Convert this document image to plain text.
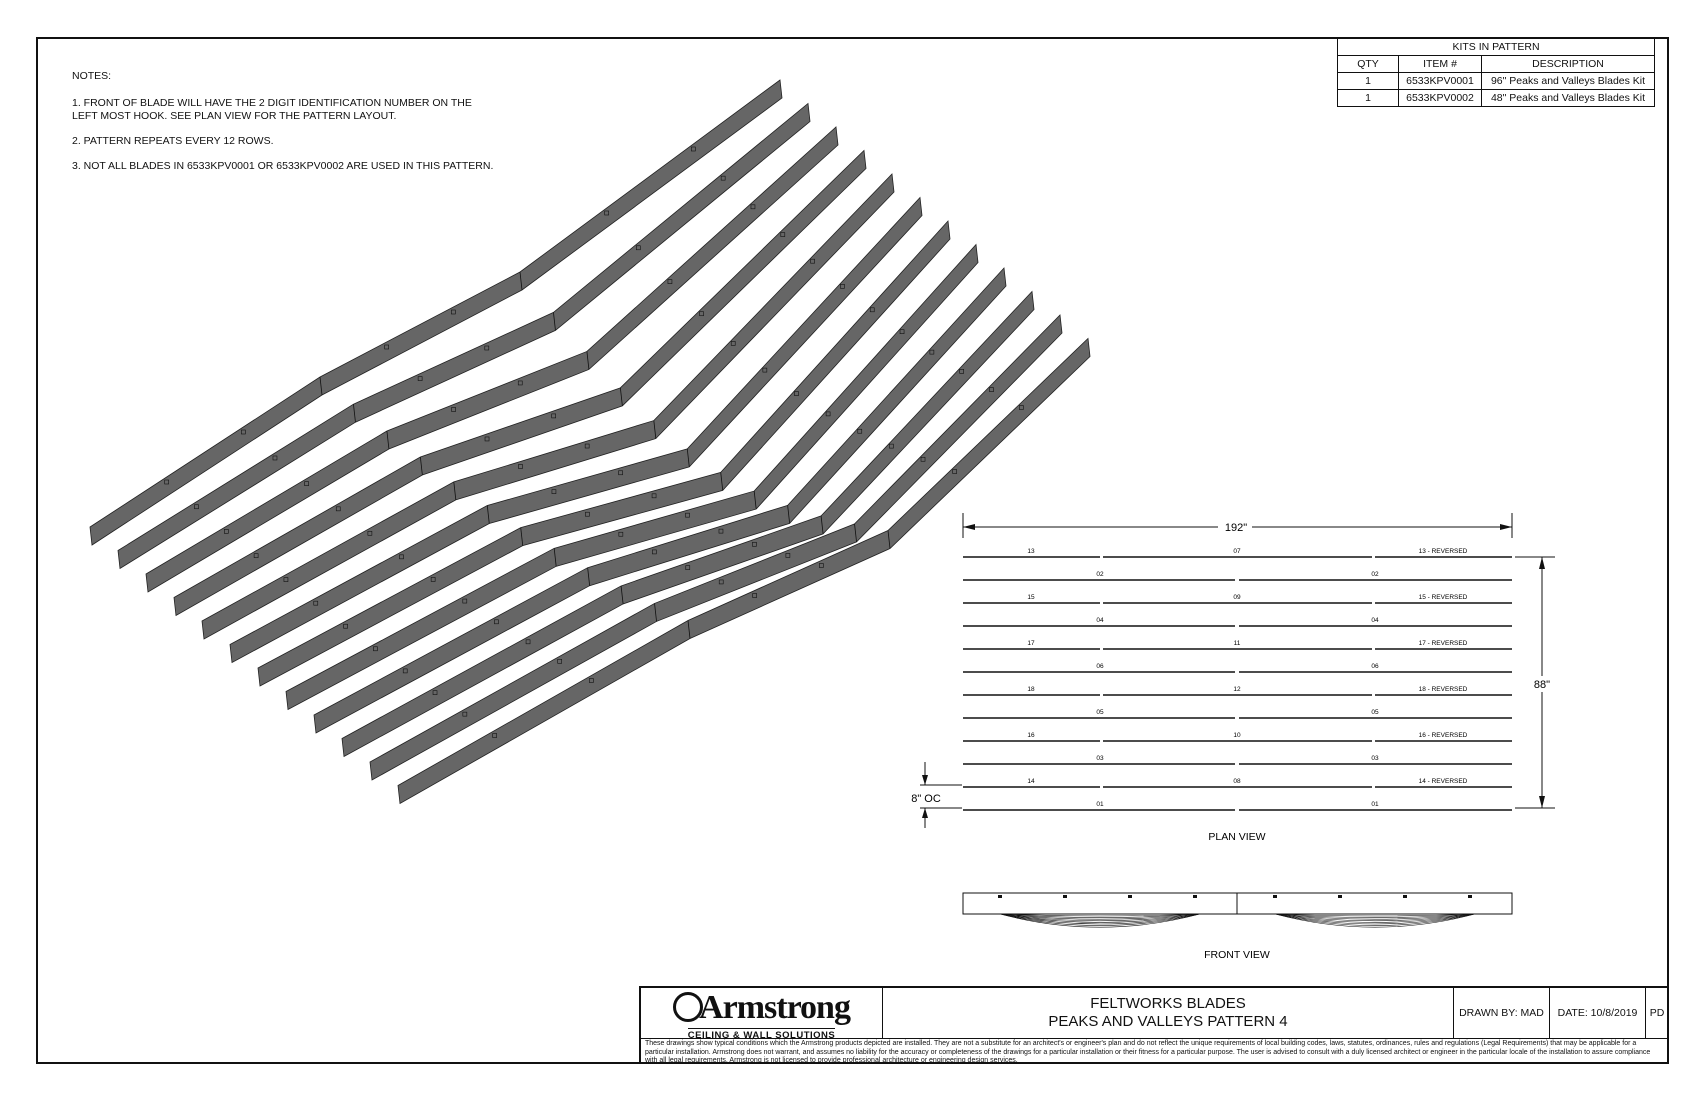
NOTES:

1. FRONT OF BLADE WILL HAVE THE 2 DIGIT IDENTIFICATION NUMBER ON THE LEFT MOST HOOK. SEE PLAN VIEW FOR THE PATTERN LAYOUT.

2. PATTERN REPEATS EVERY 12 ROWS.

3. NOT ALL BLADES IN 6533KPV0001 OR 6533KPV0002 ARE USED IN THIS PATTERN.

KITS IN PATTERN		
QTY	ITEM #	DESCRIPTION
1	6533KPV0001	96" Peaks and Valleys Blades Kit
1	6533KPV0002	48" Peaks and Valleys Blades Kit
192"
88"
8" OC
13	07	13 - REVERSED
02	02
15	09	15 - REVERSED
04	04
17	11	17 - REVERSED
06	06
18	12	18 - REVERSED
05	05
16	10	16 - REVERSED
03	03
14	08	14 - REVERSED
01	01
PLAN VIEW
FRONT VIEW
Armstrong
CEILING & WALL SOLUTIONS
FELTWORKS BLADES
PEAKS AND VALLEYS PATTERN 4	DRAWN BY: MAD	DATE: 10/8/2019	PD
These drawings show typical conditions which the Armstrong products depicted are installed. They are not a substitute for an architect's or engineer's plan and do not reflect the unique requirements of local building codes, laws, statutes, ordinances, rules and regulations (Legal Requirements) that may be applicable for a particular installation. Armstrong does not warrant, and assumes no liability for the accuracy or completeness of the drawings for a particular installation or their fitness for a particular purpose. The user is advised to consult with a duly licensed architect or engineer in the particular locale of the installation to assure compliance with all legal requirements. Armstrong is not licensed to provide professional architecture or engineering design services.
